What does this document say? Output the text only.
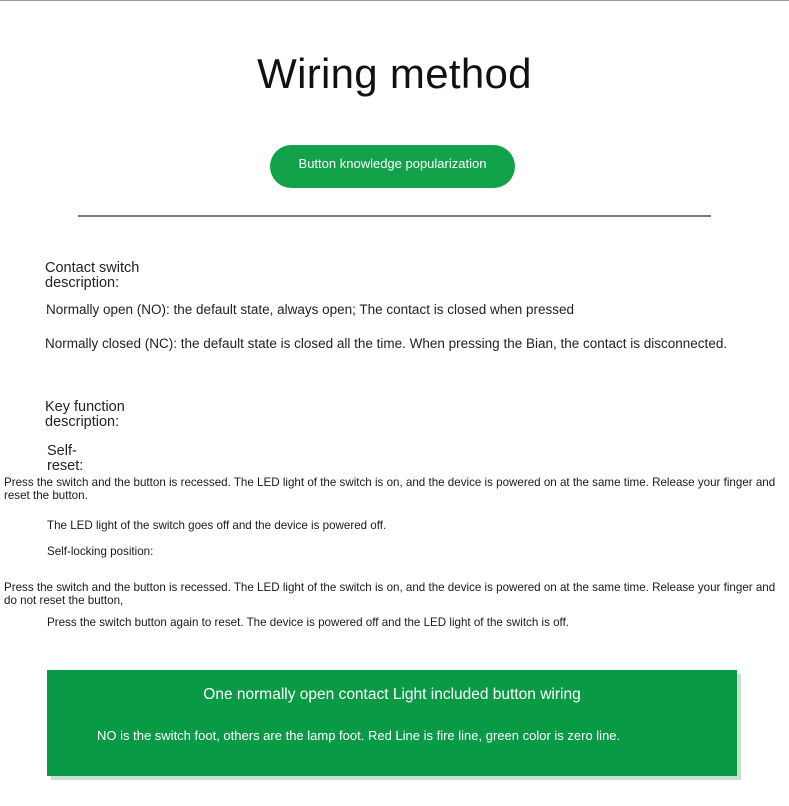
Wiring method
Button knowledge popularization
Contact switch description:
Normally open (NO): the default state, always open; The contact is closed when pressed
Normally closed (NC): the default state is closed all the time. When pressing the Bian, the contact is disconnected.
Key function description:
Self-reset:
Press the switch and the button is recessed. The LED light of the switch is on, and the device is powered on at the same time. Release your finger and reset the button.
The LED light of the switch goes off and the device is powered off.
Self-locking position:
Press the switch and the button is recessed. The LED light of the switch is on, and the device is powered on at the same time. Release your finger and do not reset the button,
Press the switch button again to reset. The device is powered off and the LED light of the switch is off.
One normally open contact Light included button wiring
NO is the switch foot, others are the lamp foot. Red Line is fire line, green color is zero line.
